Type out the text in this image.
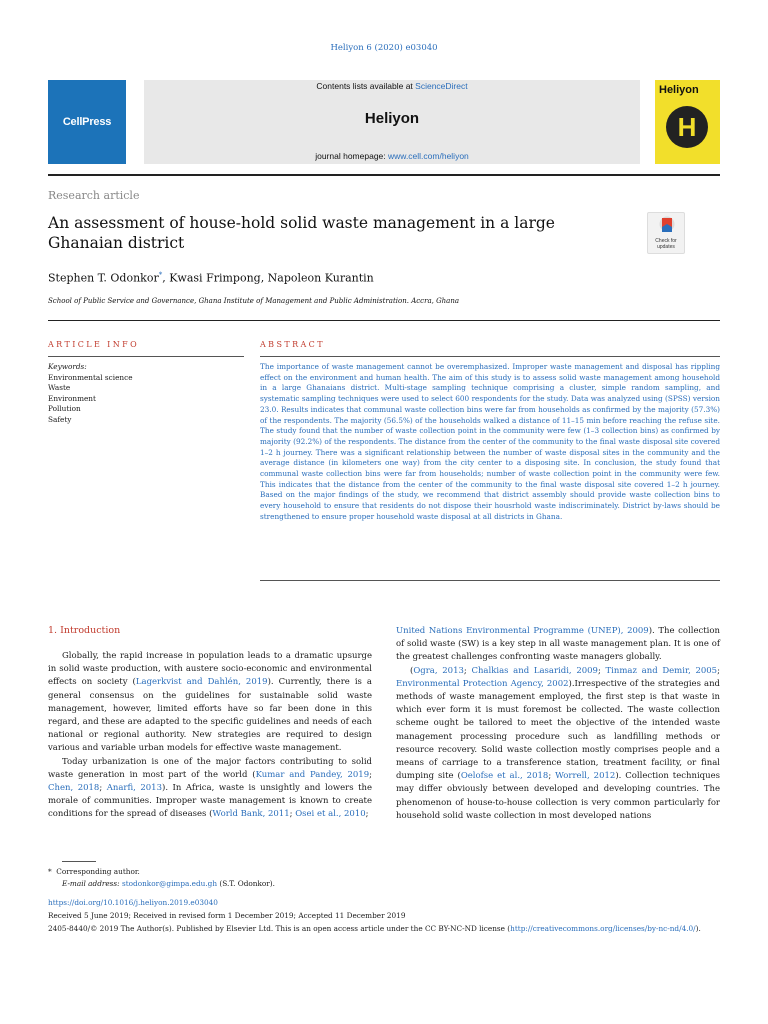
Heliyon 6 (2020) e03040
CellPress
Contents lists available at ScienceDirect
Heliyon
journal homepage: www.cell.com/heliyon
Heliyon
H
Research article
An assessment of house-hold solid waste management in a large Ghanaian district	Check for updates
Stephen T. Odonkor*, Kwasi Frimpong, Napoleon Kurantin
School of Public Service and Governance, Ghana Institute of Management and Public Administration. Accra, Ghana
ARTICLE INFO	ABSTRACT
Keywords:
Environmental science
Waste
Environment
Pollution
Safety
The importance of waste management cannot be overemphasized. Improper waste management and disposal has rippling effect on the environment and human health. The aim of this study is to assess solid waste management among household in a large Ghanaians district. Multi-stage sampling technique comprising a cluster, simple random sampling, and systematic sampling techniques were used to select 600 respondents for the study. Data was analyzed using (SPSS) version 23.0. Results indicates that communal waste collection bins were far from households as confirmed by the majority (57.3%) of the respondents. The majority (56.5%) of the households walked a distance of 11–15 min before reaching the refuse site. The study found that the number of waste collection point in the community were few (1–3 collection bins) as confirmed by majority (92.2%) of the respondents. The distance from the center of the community to the final waste disposal site covered 1–2 h journey. There was a significant relationship between the number of waste disposal sites in the community and the average distance (in kilometers one way) from the city center to a disposing site. In conclusion, the study found that communal waste collection bins were far from households; number of waste collection point in the community were few. This indicates that the distance from the center of the community to the final waste disposal site covered 1–2 h journey. Based on the major findings of the study, we recommend that district assembly should provide waste collection bins to every household to ensure that residents do not dispose their housrhold waste indiscriminately. District by-laws should be strengthened to ensure proper household waste disposal at all districts in Ghana.
1. Introduction

Globally, the rapid increase in population leads to a dramatic upsurge in solid waste production, with austere socio-economic and environmental effects on society (Lagerkvist and Dahlén, 2019). Currently, there is a general consensus on the guidelines for sustainable solid waste management, however, limited efforts have so far been done in this regard, and these are adapted to the specific guidelines and needs of each national or regional authority. New strategies are required to design various and variable urban models for effective waste management.

Today urbanization is one of the major factors contributing to solid waste generation in most part of the world (Kumar and Pandey, 2019; Chen, 2018; Anarfi, 2013). In Africa, waste is unsightly and lowers the morale of communities. Improper waste management is known to create conditions for the spread of diseases (World Bank, 2011; Osei et al., 2010;

United Nations Environmental Programme (UNEP), 2009). The collection of solid waste (SW) is a key step in all waste management plan. It is one of the greatest challenges confronting waste managers globally.

(Ogra, 2013; Chalkias and Lasaridi, 2009; Tinmaz and Demir, 2005; Environmental Protection Agency, 2002).Irrespective of the strategies and methods of waste management employed, the first step is that waste in which ever form it is must foremost be collected. The waste collection scheme ought be tailored to meet the objective of the intended waste management processing procedure such as landfilling methods or resource recovery. Solid waste collection mostly comprises people and a means of carriage to a transference station, treatment facility, or final dumping site (Oelofse et al., 2018; Worrell, 2012). Collection techniques may differ obviously between developed and developing countries. The phenomenon of house-to-house collection is very common particularly for household solid waste collection in most developed nations

* Corresponding author.
E-mail address: stodonkor@gimpa.edu.gh (S.T. Odonkor).
https://doi.org/10.1016/j.heliyon.2019.e03040
Received 5 June 2019; Received in revised form 1 December 2019; Accepted 11 December 2019
2405-8440/© 2019 The Author(s). Published by Elsevier Ltd. This is an open access article under the CC BY-NC-ND license (http://creativecommons.org/licenses/by-nc-nd/4.0/).
